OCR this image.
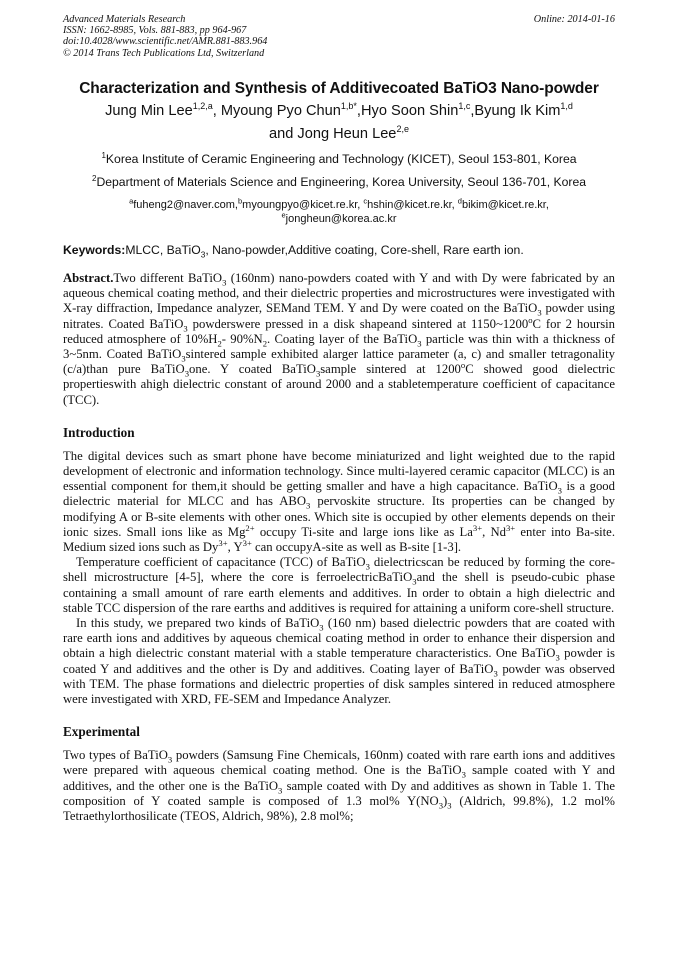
Advanced Materials Research
ISSN: 1662-8985, Vols. 881-883, pp 964-967
doi:10.4028/www.scientific.net/AMR.881-883.964
© 2014 Trans Tech Publications Ltd, Switzerland
Online: 2014-01-16
Characterization and Synthesis of Additivecoated BaTiO3 Nano-powder
Jung Min Lee$^{1,2,a}$, Myoung Pyo Chun$^{1,b*}$,Hyo Soon Shin$^{1,c}$,Byung Ik Kim$^{1,d}$
and Jong Heun Lee$^{2,e}$
$^1$Korea Institute of Ceramic Engineering and Technology (KICET), Seoul 153-801, Korea
$^2$Department of Materials Science and Engineering, Korea University, Seoul 136-701, Korea
$^a$fuheng2@naver.com,$^b$myoungpyo@kicet.re.kr, $^c$hshin@kicet.re.kr, $^d$bikim@kicet.re.kr,
$^e$jongheun@korea.ac.kr
Keywords:MLCC, BaTiO$_3$, Nano-powder,Additive coating, Core-shell, Rare earth ion.
Abstract.Two different BaTiO$_3$ (160nm) nano-powders coated with Y and with Dy were fabricated by an aqueous chemical coating method, and their dielectric properties and microstructures were investigated with X-ray diffraction, Impedance analyzer, SEMand TEM. Y and Dy were coated on the BaTiO$_3$ powder using nitrates. Coated BaTiO$_3$ powderswere pressed in a disk shapeand sintered at 1150~1200$^o$C for 2 hoursin reduced atmosphere of $10\%H_2-$ $90\%N_2$. Coating layer of the BaTiO$_3$ particle was thin with a thickness of 3~5nm. Coated BaTiO$_3$sintered sample exhibited alarger lattice parameter (a, c) and smaller tetragonality (c/a)than pure BaTiO$_3$one. Y coated BaTiO$_3$sample sintered at 1200$^o$C showed good dielectric propertieswith ahigh dielectric constant of around 2000 and a stabletemperature coefficient of capacitance (TCC).
Introduction

The digital devices such as smart phone have become miniaturized and light weighted due to the rapid development of electronic and information technology. Since multi-layered ceramic capacitor (MLCC) is an essential component for them,it should be getting smaller and have a high capacitance. BaTiO$_3$ is a good dielectric material for MLCC and has $ABO_3$ pervoskite structure. Its properties can be changed by modifying A or B-site elements with other ones. Which site is occupied by other elements depends on their ionic sizes. Small ions like as $Mg^{2+}$ occupy Ti-site and large ions like as $La^{3+}$, $Nd^{3+}$ enter into Ba-site. Medium sized ions such as $Dy^{3+}$, $Y^{3+}$ can occupyA-site as well as B-site [1-3].

Temperature coefficient of capacitance (TCC) of BaTiO$_3$ dielectricscan be reduced by forming the core-shell microstructure [4-5], where the core is ferroelectricBaTiO$_3$and the shell is pseudo-cubic phase containing a small amount of rare earth elements and additives. In order to obtain a high dielectric and stable TCC dispersion of the rare earths and additives is required for attaining a uniform core-shell structure.

In this study, we prepared two kinds of BaTiO$_3$ (160 nm) based dielectric powders that are coated with rare earth ions and additives by aqueous chemical coating method in order to enhance their dispersion and obtain a high dielectric constant material with a stable temperature characteristics. One BaTiO$_3$ powder is coated Y and additives and the other is Dy and additives. Coating layer of BaTiO$_3$ powder was observed with TEM. The phase formations and dielectric properties of disk samples sintered in reduced atmosphere were investigated with XRD, FE-SEM and Impedance Analyzer.

Experimental

Two types of BaTiO$_3$ powders (Samsung Fine Chemicals, 160nm) coated with rare earth ions and additives were prepared with aqueous chemical coating method. One is the BaTiO$_3$ sample coated with Y and additives, and the other one is the BaTiO$_3$ sample coated with Dy and additives as shown in Table 1. The composition of Y coated sample is composed of 1.3 mol% $Y(NO_3)_3$ (Aldrich, 99.8%), 1.2 mol% Tetraethylorthosilicate (TEOS, Aldrich, 98%), 2.8 mol%;
